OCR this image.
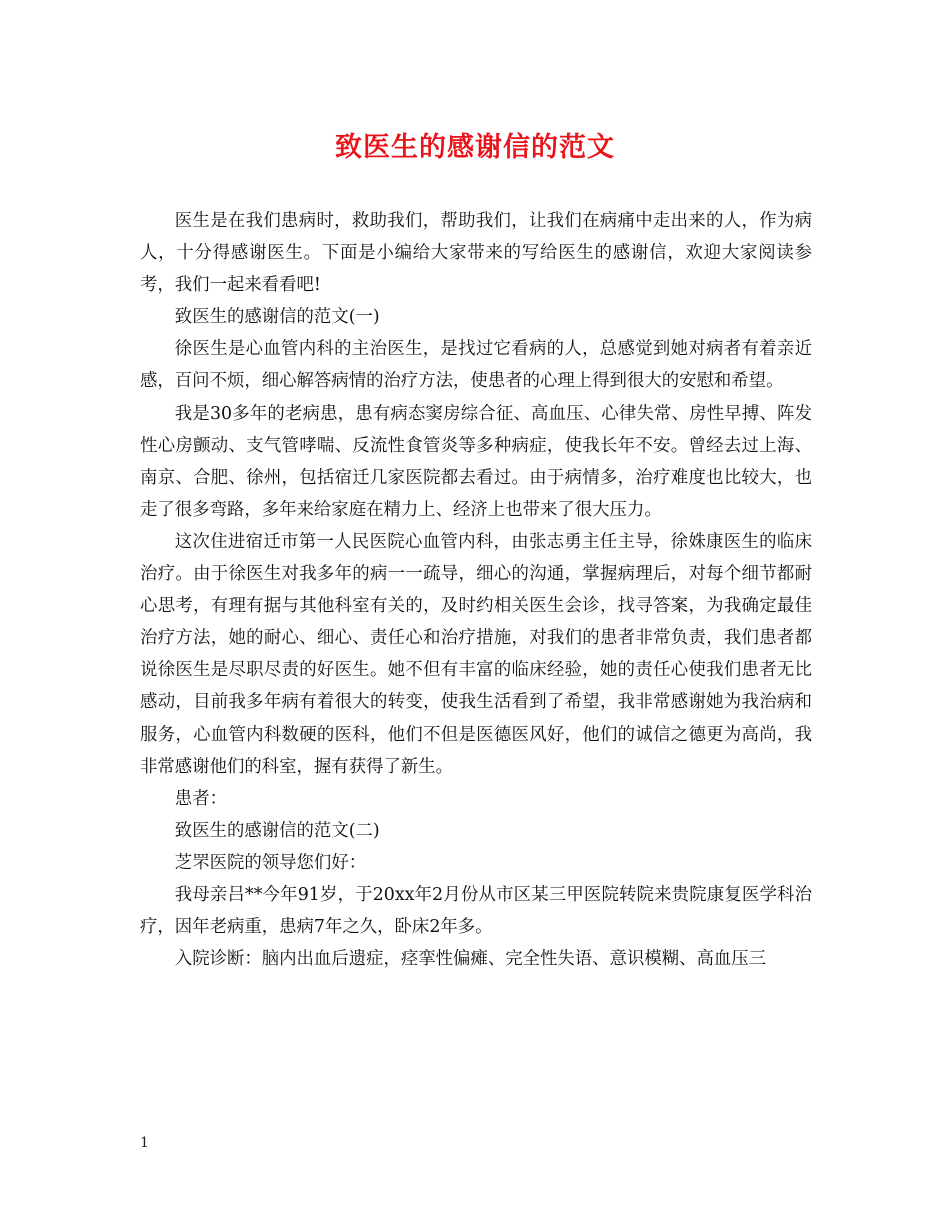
致医生的感谢信的范文

医生是在我们患病时，救助我们，帮助我们，让我们在病痛中走出来的人，作为病人，十分得感谢医生。下面是小编给大家带来的写给医生的感谢信，欢迎大家阅读参考，我们一起来看看吧!

致医生的感谢信的范文(一)

徐医生是心血管内科的主治医生，是找过它看病的人，总感觉到她对病者有着亲近感，百问不烦，细心解答病情的治疗方法，使患者的心理上得到很大的安慰和希望。

我是30多年的老病患，患有病态窦房综合征、高血压、心律失常、房性早搏、阵发性心房颤动、支气管哮喘、反流性食管炎等多种病症，使我长年不安。曾经去过上海、南京、合肥、徐州，包括宿迁几家医院都去看过。由于病情多，治疗难度也比较大，也走了很多弯路，多年来给家庭在精力上、经济上也带来了很大压力。

这次住进宿迁市第一人民医院心血管内科，由张志勇主任主导，徐姝康医生的临床治疗。由于徐医生对我多年的病一一疏导，细心的沟通，掌握病理后，对每个细节都耐心思考，有理有据与其他科室有关的，及时约相关医生会诊，找寻答案，为我确定最佳治疗方法，她的耐心、细心、责任心和治疗措施，对我们的患者非常负责，我们患者都说徐医生是尽职尽责的好医生。她不但有丰富的临床经验，她的责任心使我们患者无比感动，目前我多年病有着很大的转变，使我生活看到了希望，我非常感谢她为我治病和服务，心血管内科数硬的医科，他们不但是医德医风好，他们的诚信之德更为高尚，我非常感谢他们的科室，握有获得了新生。

患者：

致医生的感谢信的范文(二)

芝罘医院的领导您们好：

我母亲吕**今年91岁，于20xx年2月份从市区某三甲医院转院来贵院康复医学科治疗，因年老病重，患病7年之久，卧床2年多。

入院诊断：脑内出血后遗症，痉挛性偏瘫、完全性失语、意识模糊、高血压三

1
